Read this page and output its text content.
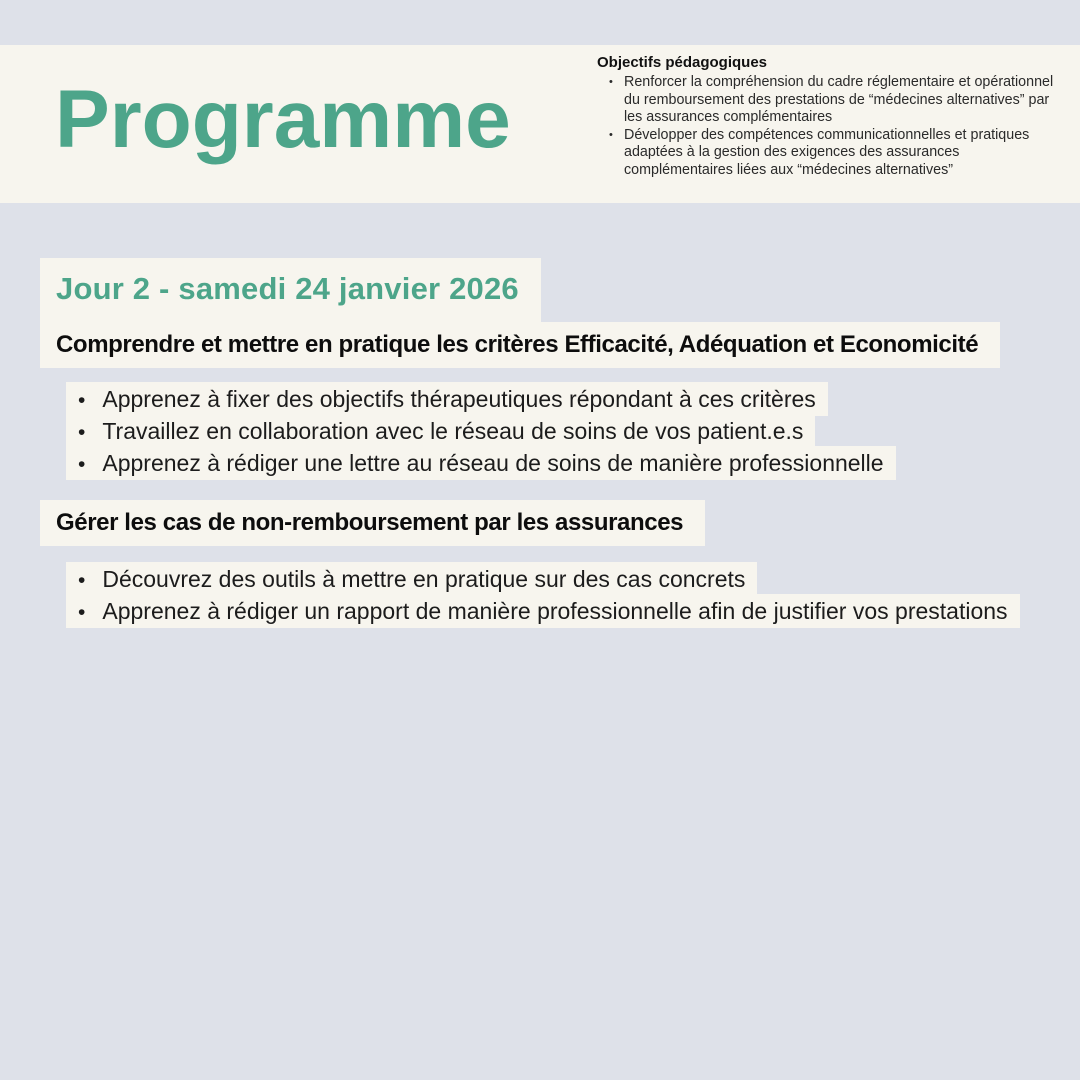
Programme
Objectifs pédagogiques
• Renforcer la compréhension du cadre réglementaire et opérationnel du remboursement des prestations de “médecines alternatives” par les assurances complémentaires
• Développer des compétences communicationnelles et pratiques adaptées à la gestion des exigences des assurances complémentaires liées aux “médecines alternatives”
Jour 2 - samedi 24 janvier 2026
Comprendre et mettre en pratique les critères Efficacité, Adéquation et Economicité
• Apprenez à fixer des objectifs thérapeutiques répondant à ces critères
• Travaillez en collaboration avec le réseau de soins de vos patient.e.s
• Apprenez à rédiger une lettre au réseau de soins de manière professionnelle
Gérer les cas de non-remboursement par les assurances
• Découvrez des outils à mettre en pratique sur des cas concrets
• Apprenez à rédiger un rapport de manière professionnelle afin de justifier vos prestations
